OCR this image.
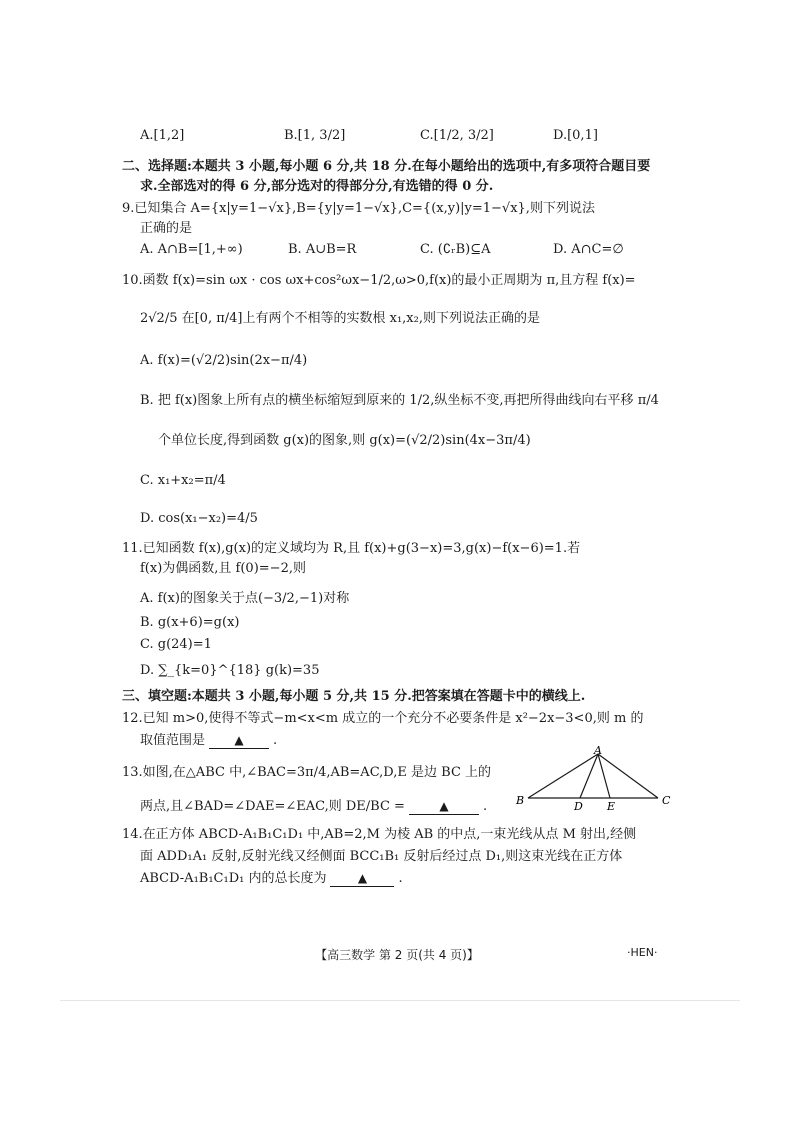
A.[1,2]	B.[1, 3/2]	C.[1/2, 3/2]	D.[0,1]
二、选择题:本题共 3 小题,每小题 6 分,共 18 分.在每小题给出的选项中,有多项符合题目要
求.全部选对的得 6 分,部分选对的得部分分,有选错的得 0 分.
9.已知集合 A={x|y=1−√x},B={y|y=1−√x},C={(x,y)|y=1−√x},则下列说法
正确的是
A. A∩B=[1,+∞)	B. A∪B=R	C. (∁ᵣB)⊆A	D. A∩C=∅
10.函数 f(x)=sin ωx · cos ωx+cos²ωx−1/2,ω>0,f(x)的最小正周期为 π,且方程 f(x)=
2√2/5 在[0, π/4]上有两个不相等的实数根 x₁,x₂,则下列说法正确的是
A. f(x)=(√2/2)sin(2x−π/4)
B. 把 f(x)图象上所有点的横坐标缩短到原来的 1/2,纵坐标不变,再把所得曲线向右平移 π/4
个单位长度,得到函数 g(x)的图象,则 g(x)=(√2/2)sin(4x−3π/4)
C. x₁+x₂=π/4
D. cos(x₁−x₂)=4/5
11.已知函数 f(x),g(x)的定义域均为 R,且 f(x)+g(3−x)=3,g(x)−f(x−6)=1.若
f(x)为偶函数,且 f(0)=−2,则
A. f(x)的图象关于点(−3/2,−1)对称
B. g(x+6)=g(x)
C. g(24)=1
D. ∑_{k=0}^{18} g(k)=35
三、填空题:本题共 3 小题,每小题 5 分,共 15 分.把答案填在答题卡中的横线上.
12.已知 m>0,使得不等式−m<x<m 成立的一个充分不必要条件是 x²−2x−3<0,则 m 的
取值范围是 ▲ .
13.如图,在△ABC 中,∠BAC=3π/4,AB=AC,D,E 是边 BC 上的
两点,且∠BAD=∠DAE=∠EAC,则 DE/BC =	▲	.
A
B	D E	C
14.在正方体 ABCD-A₁B₁C₁D₁ 中,AB=2,M 为棱 AB 的中点,一束光线从点 M 射出,经侧
面 ADD₁A₁ 反射,反射光线又经侧面 BCC₁B₁ 反射后经过点 D₁,则这束光线在正方体
ABCD-A₁B₁C₁D₁ 内的总长度为	▲ .
【高三数学 第 2 页(共 4 页)】	·HEN·
